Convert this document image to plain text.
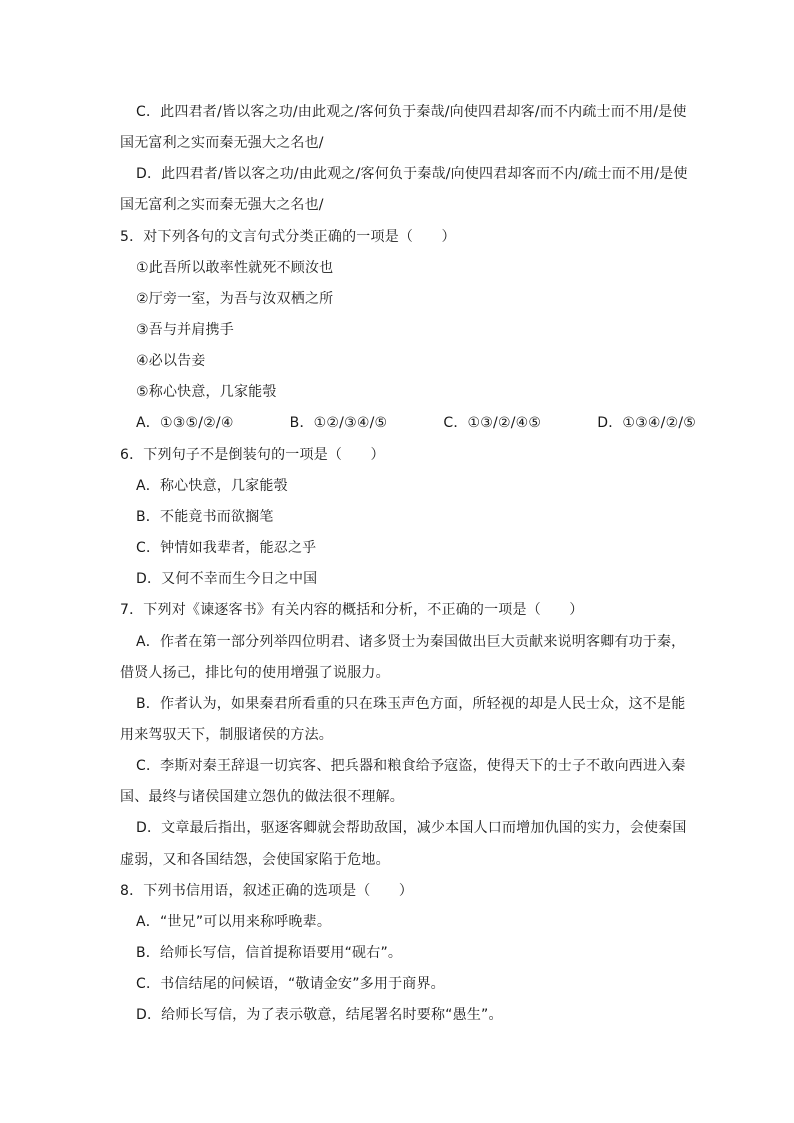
C．此四君者/皆以客之功/由此观之/客何负于秦哉/向使四君却客/而不内疏士而不用/是使
国无富利之实而秦无强大之名也/
D．此四君者/皆以客之功/由此观之/客何负于秦哉/向使四君却客而不内/疏士而不用/是使
国无富利之实而秦无强大之名也/
5．对下列各句的文言句式分类正确的一项是（　　）
①此吾所以敢率性就死不顾汝也
②厅旁一室，为吾与汝双栖之所
③吾与并肩携手
④必以告妾
⑤称心快意，几家能彀
A．①③⑤/②/④	B．①②/③④/⑤	C．①③/②/④⑤	D．①③④/②/⑤
6．下列句子不是倒装句的一项是（　　）
A．称心快意，几家能彀
B．不能竟书而欲搁笔
C．钟情如我辈者，能忍之乎
D．又何不幸而生今日之中国
7．下列对《谏逐客书》有关内容的概括和分析，不正确的一项是（　　）
A．作者在第一部分列举四位明君、诸多贤士为秦国做出巨大贡献来说明客卿有功于秦，
借贤人扬己，排比句的使用增强了说服力。
B．作者认为，如果秦君所看重的只在珠玉声色方面，所轻视的却是人民士众，这不是能
用来驾驭天下，制服诸侯的方法。
C．李斯对秦王辞退一切宾客、把兵器和粮食给予寇盗，使得天下的士子不敢向西进入秦
国、最终与诸侯国建立怨仇的做法很不理解。
D．文章最后指出，驱逐客卿就会帮助敌国，减少本国人口而增加仇国的实力，会使秦国
虚弱，又和各国结怨，会使国家陷于危地。
8．下列书信用语，叙述正确的选项是（　　）
A．“世兄”可以用来称呼晚辈。
B．给师长写信，信首提称语要用“砚右”。
C．书信结尾的问候语，“敬请金安”多用于商界。
D．给师长写信，为了表示敬意，结尾署名时要称“愚生”。
